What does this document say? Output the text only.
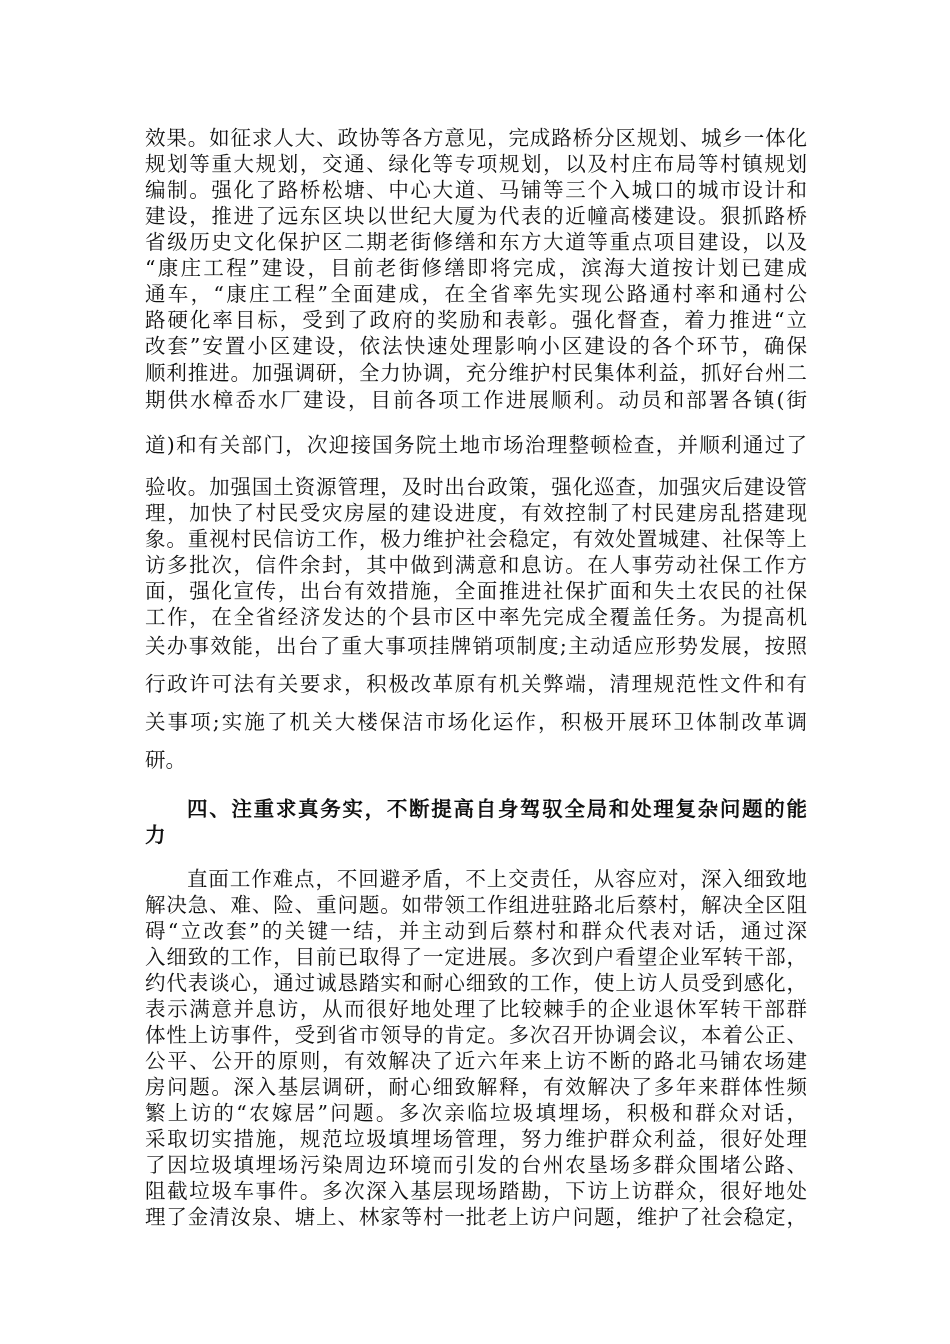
效果。如征求人大、政协等各方意见，完成路桥分区规划、城乡一体化
规划等重大规划，交通、绿化等专项规划，以及村庄布局等村镇规划
编制。强化了路桥松塘、中心大道、马铺等三个入城口的城市设计和
建设，推进了远东区块以世纪大厦为代表的近幢高楼建设。狠抓路桥
省级历史文化保护区二期老街修缮和东方大道等重点项目建设，以及
“康庄工程”建设，目前老街修缮即将完成，滨海大道按计划已建成
通车，“康庄工程”全面建成，在全省率先实现公路通村率和通村公
路硬化率目标，受到了政府的奖励和表彰。强化督查，着力推进“立
改套”安置小区建设，依法快速处理影响小区建设的各个环节，确保
顺利推进。加强调研，全力协调，充分维护村民集体利益，抓好台州二
期供水樟岙水厂建设，目前各项工作进展顺利。动员和部署各镇(街
道)和有关部门，次迎接国务院土地市场治理整顿检查，并顺利通过了
验收。加强国土资源管理，及时出台政策，强化巡查，加强灾后建设管
理，加快了村民受灾房屋的建设进度，有效控制了村民建房乱搭建现
象。重视村民信访工作，极力维护社会稳定，有效处置城建、社保等上
访多批次，信件余封，其中做到满意和息访。在人事劳动社保工作方
面，强化宣传，出台有效措施，全面推进社保扩面和失土农民的社保
工作，在全省经济发达的个县市区中率先完成全覆盖任务。为提高机
关办事效能，出台了重大事项挂牌销项制度;主动适应形势发展，按照
行政许可法有关要求，积极改革原有机关弊端，清理规范性文件和有
关事项;实施了机关大楼保洁市场化运作，积极开展环卫体制改革调
研。
四、注重求真务实，不断提高自身驾驭全局和处理复杂问题的能
力
直面工作难点，不回避矛盾，不上交责任，从容应对，深入细致地
解决急、难、险、重问题。如带领工作组进驻路北后蔡村，解决全区阻
碍“立改套”的关键一结，并主动到后蔡村和群众代表对话，通过深
入细致的工作，目前已取得了一定进展。多次到户看望企业军转干部，
约代表谈心，通过诚恳踏实和耐心细致的工作，使上访人员受到感化，
表示满意并息访，从而很好地处理了比较棘手的企业退休军转干部群
体性上访事件，受到省市领导的肯定。多次召开协调会议，本着公正、
公平、公开的原则，有效解决了近六年来上访不断的路北马铺农场建
房问题。深入基层调研，耐心细致解释，有效解决了多年来群体性频
繁上访的“农嫁居”问题。多次亲临垃圾填埋场，积极和群众对话，
采取切实措施，规范垃圾填埋场管理，努力维护群众利益，很好处理
了因垃圾填埋场污染周边环境而引发的台州农垦场多群众围堵公路、
阻截垃圾车事件。多次深入基层现场踏勘，下访上访群众，很好地处
理了金清汝泉、塘上、林家等村一批老上访户问题，维护了社会稳定，
